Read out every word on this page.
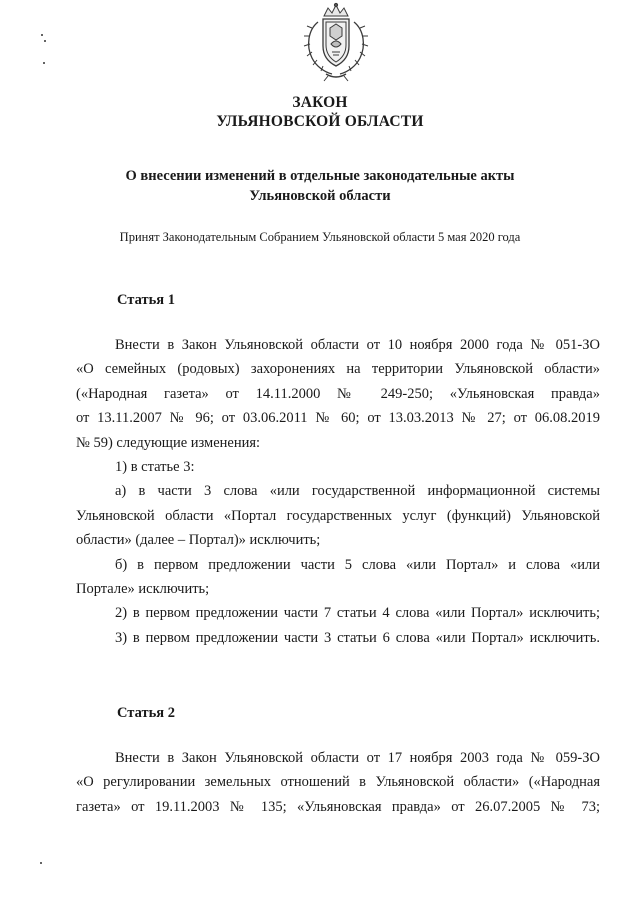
ЗАКОН
УЛЬЯНОВСКОЙ ОБЛАСТИ
О внесении изменений в отдельные законодательные акты
Ульяновской области
Принят Законодательным Собранием Ульяновской области 5 мая 2020 года
Статья 1
Внести в Закон Ульяновской области от 10 ноября 2000 года № 051-ЗО
«О семейных (родовых) захоронениях на территории Ульяновской области»
(«Народная газета» от 14.11.2000 № 249-250; «Ульяновская правда»
от 13.11.2007 № 96; от 03.06.2011 № 60; от 13.03.2013 № 27; от 06.08.2019
№ 59) следующие изменения:
1) в статье 3:
а) в части 3 слова «или государственной информационной системы
Ульяновской области «Портал государственных услуг (функций) Ульяновской
области» (далее – Портал)» исключить;
б) в первом предложении части 5 слова «или Портал» и слова «или
Портале» исключить;
2) в первом предложении части 7 статьи 4 слова «или Портал» исключить;
3) в первом предложении части 3 статьи 6 слова «или Портал» исключить.
Статья 2
Внести в Закон Ульяновской области от 17 ноября 2003 года № 059-ЗО
«О регулировании земельных отношений в Ульяновской области» («Народная
газета» от 19.11.2003 № 135; «Ульяновская правда» от 26.07.2005 № 73;
